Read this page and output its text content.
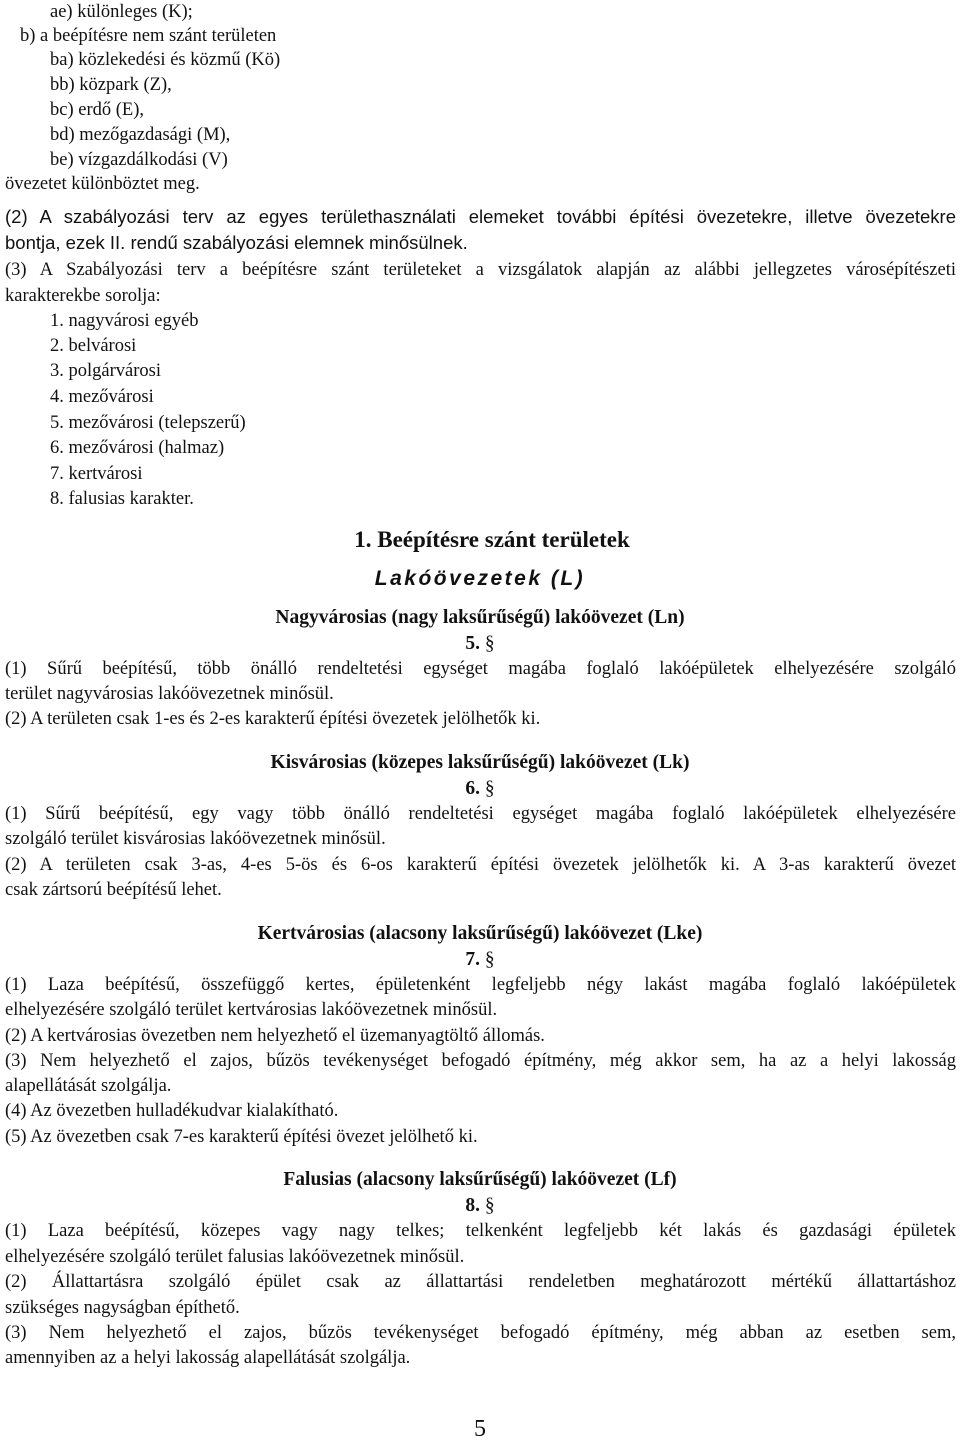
ae) különleges (K);
b) a beépítésre nem szánt területen
ba) közlekedési és közmű (Kö)
bb) közpark (Z),
bc) erdő (E),
bd) mezőgazdasági (M),
be) vízgazdálkodási (V)
övezetet különböztet meg.
(2) A szabályozási terv az egyes területhasználati elemeket további építési övezetekre, illetve övezetekre
bontja, ezek II. rendű szabályozási elemnek minősülnek.
(3) A Szabályozási terv a beépítésre szánt területeket a vizsgálatok alapján az alábbi jellegzetes városépítészeti
karakterekbe sorolja:
1. nagyvárosi egyéb
2. belvárosi
3. polgárvárosi
4. mezővárosi
5. mezővárosi (telepszerű)
6. mezővárosi (halmaz)
7. kertvárosi
8. falusias karakter.
1. Beépítésre szánt területek
Lakóövezetek (L)
Nagyvárosias (nagy laksűrűségű) lakóövezet (Ln)
5. §
(1) Sűrű beépítésű, több önálló rendeltetési egységet magába foglaló lakóépületek elhelyezésére szolgáló
terület nagyvárosias lakóövezetnek minősül.
(2) A területen csak 1-es és 2-es karakterű építési övezetek jelölhetők ki.
Kisvárosias (közepes laksűrűségű) lakóövezet (Lk)
6. §
(1) Sűrű beépítésű, egy vagy több önálló rendeltetési egységet magába foglaló lakóépületek elhelyezésére
szolgáló terület kisvárosias lakóövezetnek minősül.
(2) A területen csak 3-as, 4-es 5-ös és 6-os karakterű építési övezetek jelölhetők ki. A 3-as karakterű övezet
csak zártsorú beépítésű lehet.
Kertvárosias (alacsony laksűrűségű) lakóövezet (Lke)
7. §
(1) Laza beépítésű, összefüggő kertes, épületenként legfeljebb négy lakást magába foglaló lakóépületek
elhelyezésére szolgáló terület kertvárosias lakóövezetnek minősül.
(2) A kertvárosias övezetben nem helyezhető el üzemanyagtöltő állomás.
(3) Nem helyezhető el zajos, bűzös tevékenységet befogadó építmény, még akkor sem, ha az a helyi lakosság
alapellátását szolgálja.
(4) Az övezetben hulladékudvar kialakítható.
(5) Az övezetben csak 7-es karakterű építési övezet jelölhető ki.
Falusias (alacsony laksűrűségű) lakóövezet (Lf)
8. §
(1) Laza beépítésű, közepes vagy nagy telkes; telkenként legfeljebb két lakás és gazdasági épületek
elhelyezésére szolgáló terület falusias lakóövezetnek minősül.
(2) Állattartásra szolgáló épület csak az állattartási rendeletben meghatározott mértékű állattartáshoz
szükséges nagyságban építhető.
(3) Nem helyezhető el zajos, bűzös tevékenységet befogadó építmény, még abban az esetben sem,
amennyiben az a helyi lakosság alapellátását szolgálja.
5
